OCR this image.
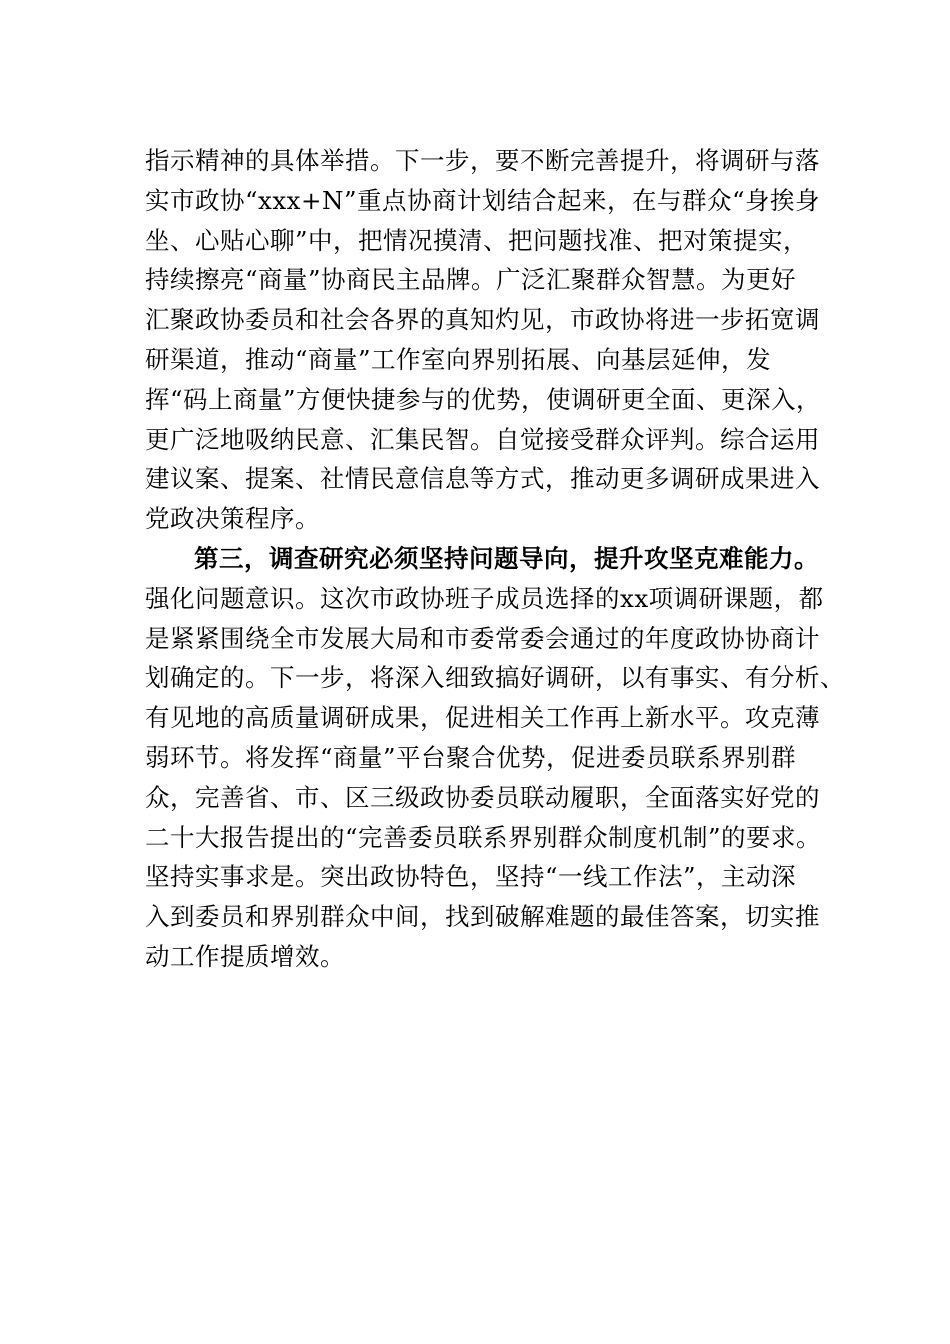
指示精神的具体举措。下一步，要不断完善提升，将调研与落
实市政协“xxx+N”重点协商计划结合起来，在与群众“身挨身
坐、心贴心聊”中，把情况摸清、把问题找准、把对策提实，
持续擦亮“商量”协商民主品牌。广泛汇聚群众智慧。为更好
汇聚政协委员和社会各界的真知灼见，市政协将进一步拓宽调
研渠道，推动“商量”工作室向界别拓展、向基层延伸，发
挥“码上商量”方便快捷参与的优势，使调研更全面、更深入，
更广泛地吸纳民意、汇集民智。自觉接受群众评判。综合运用
建议案、提案、社情民意信息等方式，推动更多调研成果进入
党政决策程序。
第三，调查研究必须坚持问题导向，提升攻坚克难能力。
强化问题意识。这次市政协班子成员选择的xx项调研课题，都
是紧紧围绕全市发展大局和市委常委会通过的年度政协协商计
划确定的。下一步，将深入细致搞好调研，以有事实、有分析、
有见地的高质量调研成果，促进相关工作再上新水平。攻克薄
弱环节。将发挥“商量”平台聚合优势，促进委员联系界别群
众，完善省、市、区三级政协委员联动履职，全面落实好党的
二十大报告提出的“完善委员联系界别群众制度机制”的要求。
坚持实事求是。突出政协特色，坚持“一线工作法”，主动深
入到委员和界别群众中间，找到破解难题的最佳答案，切实推
动工作提质增效。
